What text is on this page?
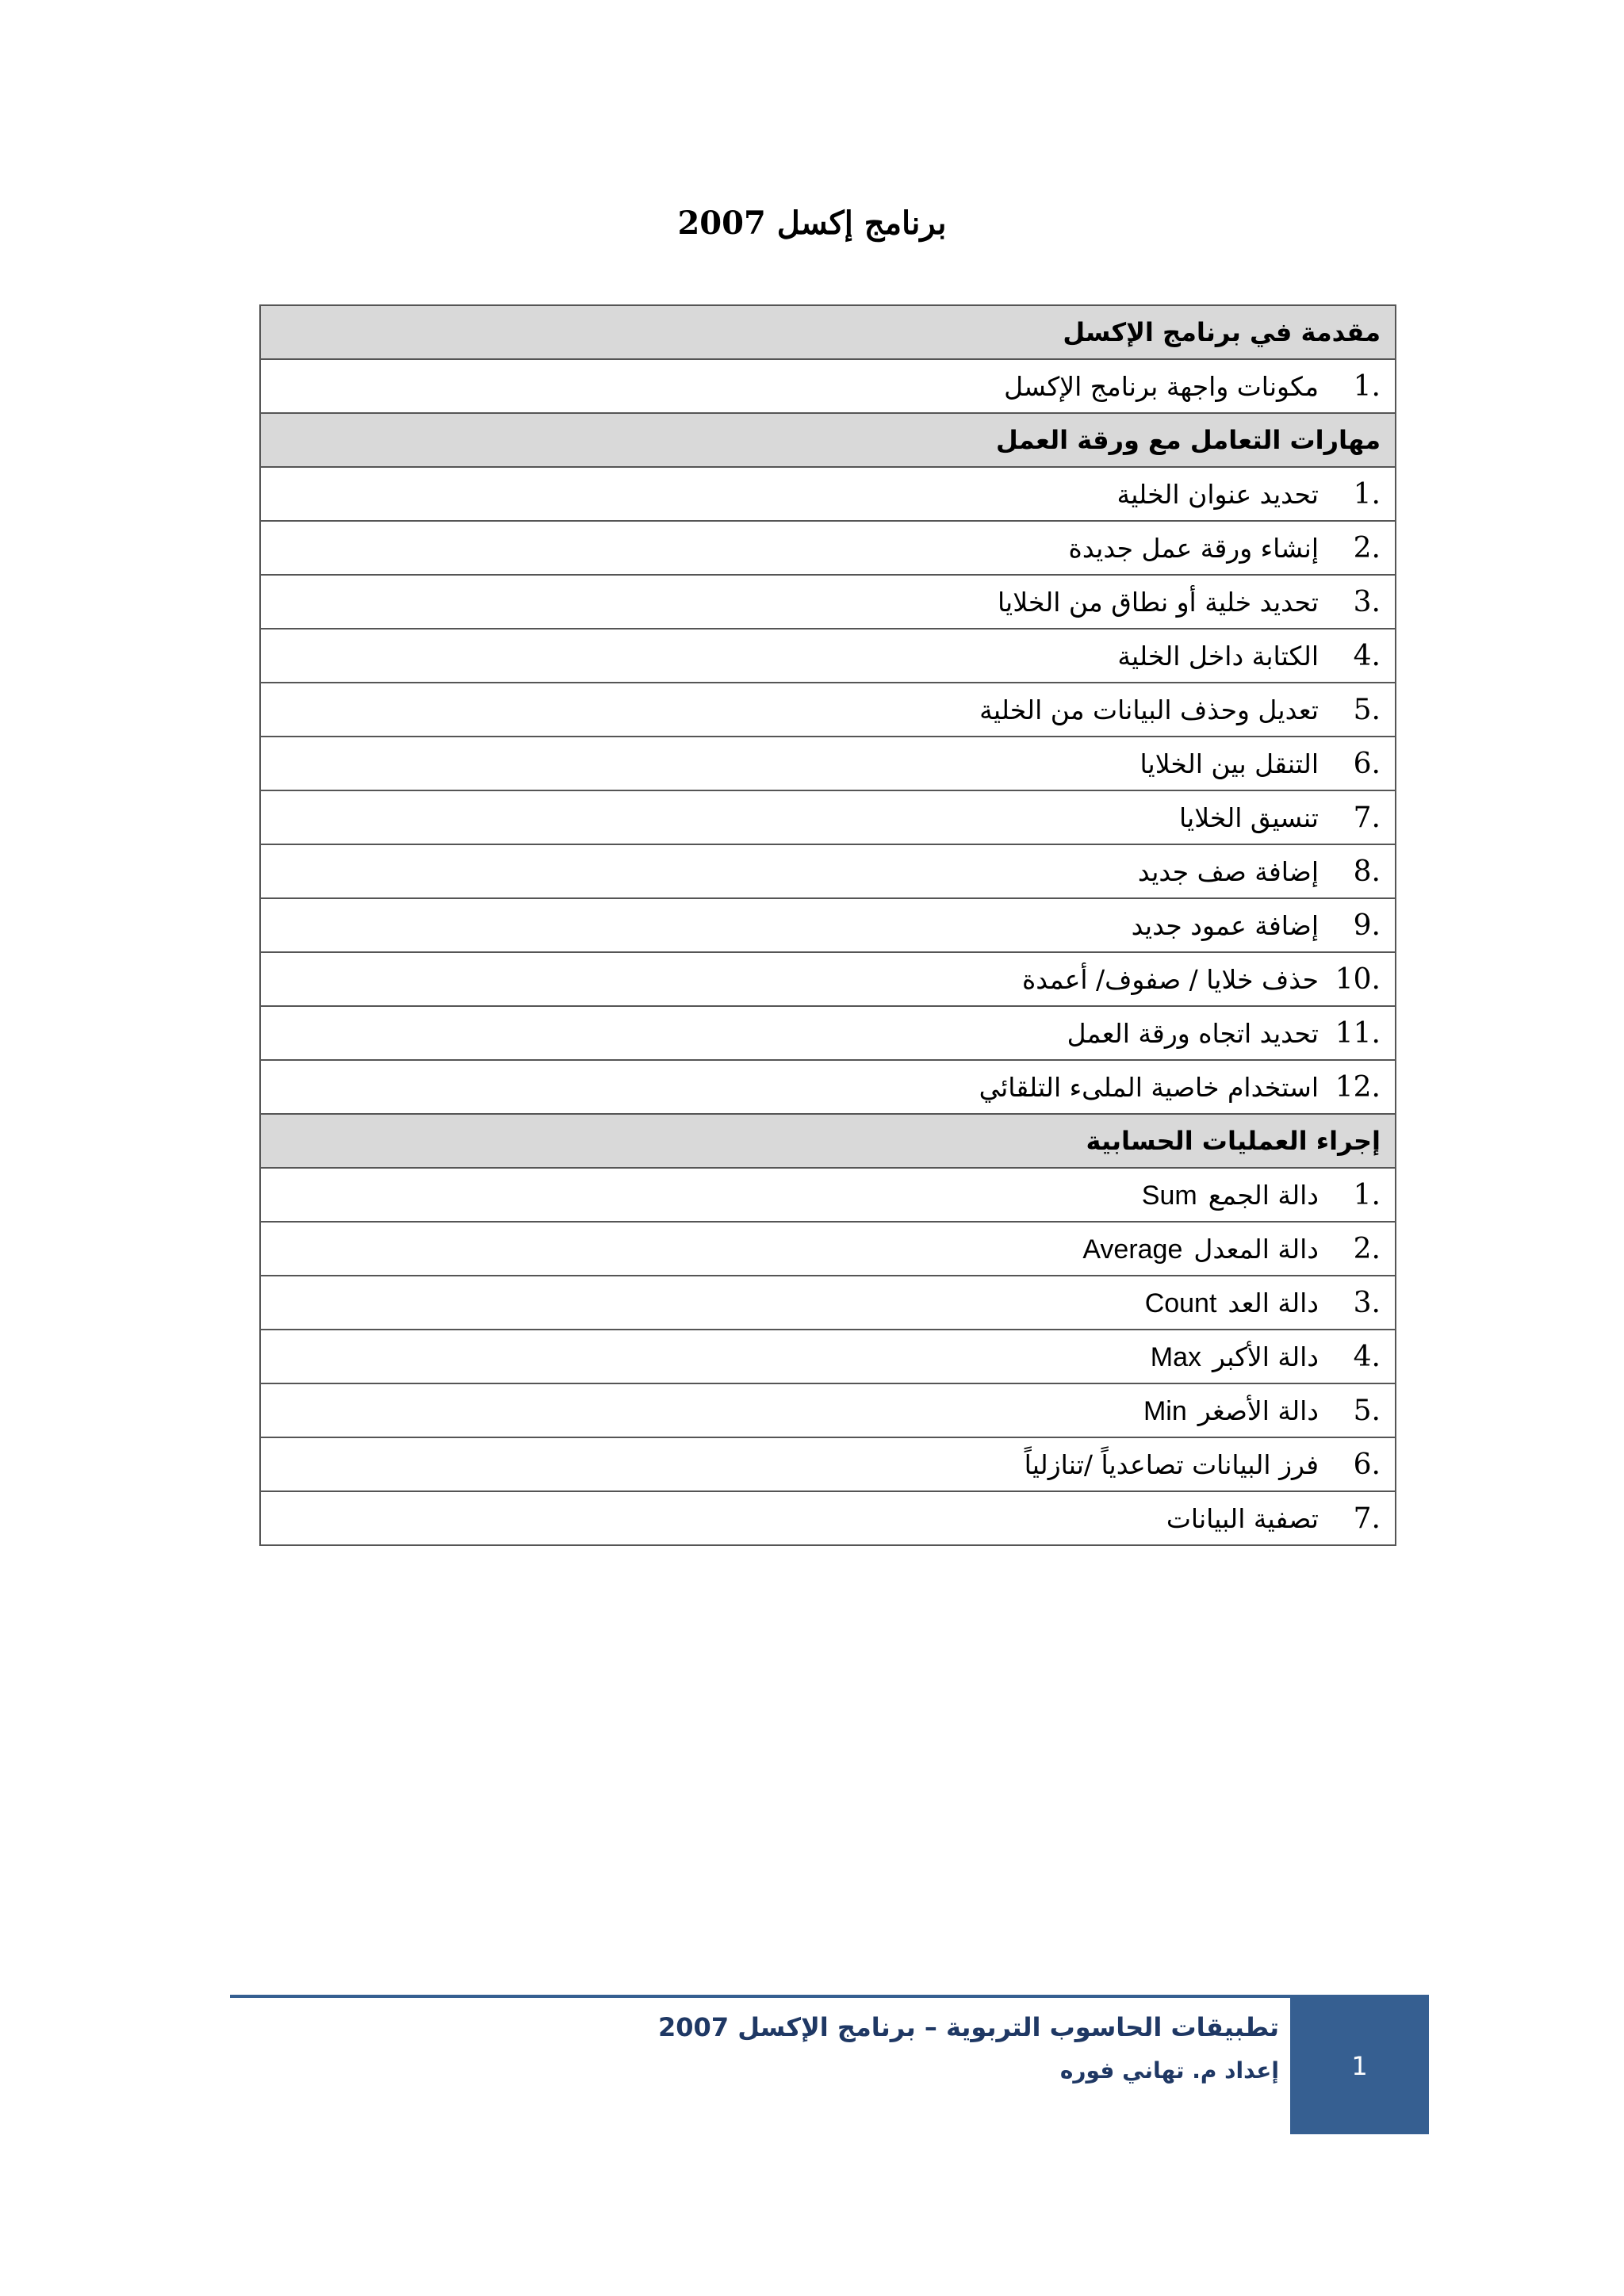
برنامج إكسل 2007
مقدمة في برنامج الإكسل

1.
مكونات واجهة برنامج الإكسل

مهارات التعامل مع ورقة العمل

1.
تحديد عنوان الخلية

2.
إنشاء ورقة عمل جديدة

3.
تحديد خلية أو نطاق من الخلايا

4.
الكتابة داخل الخلية

5.
تعديل وحذف البيانات من الخلية

6.
التنقل بين الخلايا

7.
تنسيق الخلايا

8.
إضافة صف جديد

9.
إضافة عمود جديد

10.
حذف خلايا / صفوف/ أعمدة

11.
تحديد اتجاه ورقة العمل

12.
استخدام خاصية الملىء التلقائي

إجراء العمليات الحسابية

1.
دالة الجمع
Sum

2.
دالة المعدل
Average

3.
دالة العد
Count

4.
دالة الأكبر
Max

5.
دالة الأصغر
Min

6.
فرز البيانات تصاعدياً /تنازلياً

7.
تصفية البيانات
تطبيقات الحاسوب التربوية – برنامج الإكسل 2007
إعداد م. تهاني فوره	1
